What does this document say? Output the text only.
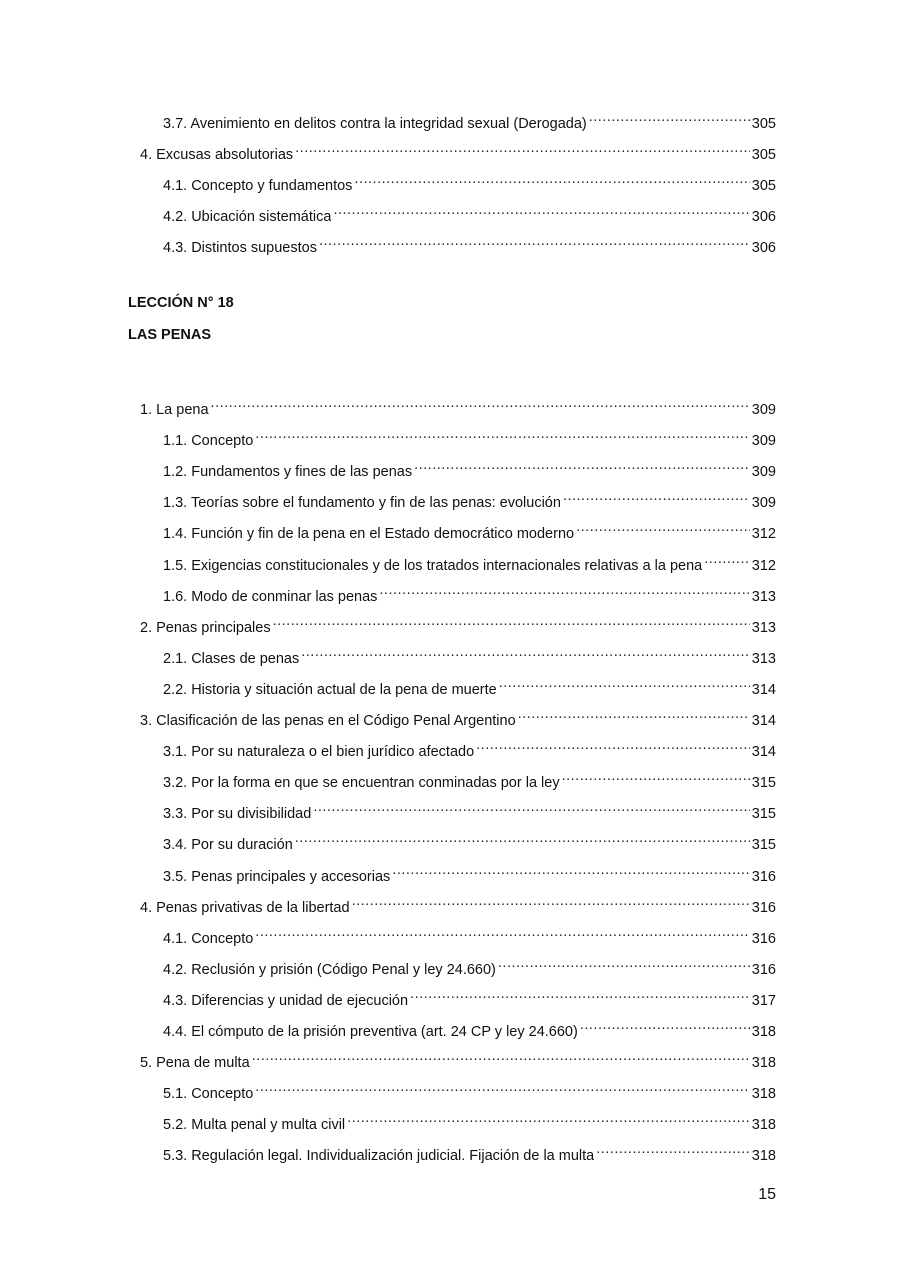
3.7. Avenimiento en delitos contra la integridad sexual (Derogada) .....	305
4. Excusas absolutorias .....	305
4.1. Concepto y fundamentos .....	305
4.2. Ubicación sistemática .....	306
4.3. Distintos supuestos .....	306
LECCIÓN N° 18
LAS PENAS
1. La pena .....	309
1.1. Concepto .....	309
1.2. Fundamentos y fines de las penas .....	309
1.3. Teorías sobre el fundamento y fin de las penas: evolución .....	309
1.4. Función y fin de la pena en el Estado democrático moderno .....	312
1.5. Exigencias constitucionales y de los tratados internacionales relativas a la pena .....	312
1.6. Modo de conminar las penas .....	313
2. Penas principales .....	313
2.1. Clases de penas .....	313
2.2. Historia y situación actual de la pena de muerte .....	314
3. Clasificación de las penas en el Código Penal Argentino .....	314
3.1. Por su naturaleza o el bien jurídico afectado .....	314
3.2. Por la forma en que se encuentran conminadas por la ley .....	315
3.3. Por su divisibilidad .....	315
3.4. Por su duración .....	315
3.5. Penas principales y accesorias .....	316
4. Penas privativas de la libertad .....	316
4.1. Concepto .....	316
4.2. Reclusión y prisión (Código Penal y ley 24.660) .....	316
4.3. Diferencias y unidad de ejecución .....	317
4.4. El cómputo de la prisión preventiva (art. 24 CP y ley 24.660) .....	318
5. Pena de multa .....	318
5.1. Concepto .....	318
5.2. Multa penal y multa civil .....	318
5.3. Regulación legal. Individualización judicial. Fijación de la multa .....	318
15
